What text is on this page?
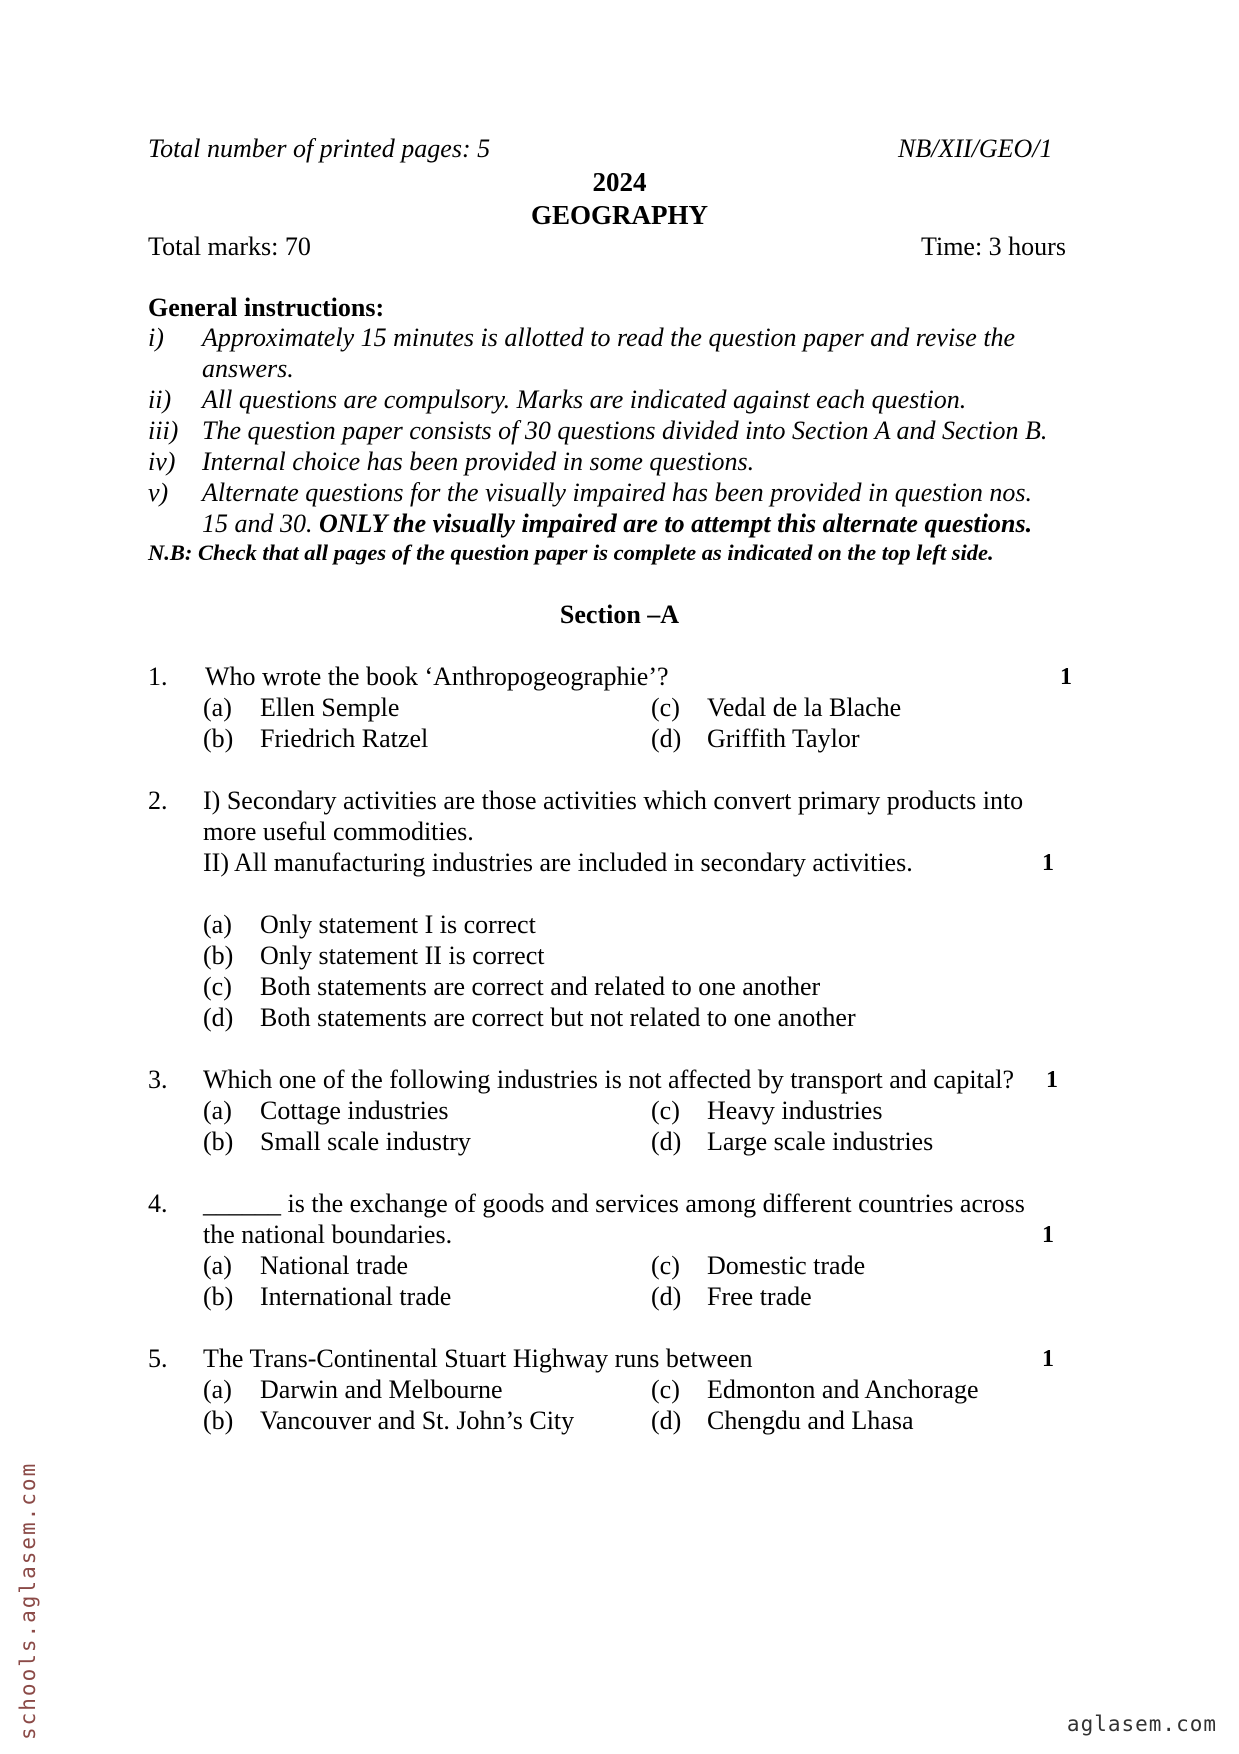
Total number of printed pages: 5	NB/XII/GEO/1
2024
GEOGRAPHY
Total marks: 70	Time: 3 hours
General instructions:
i) Approximately 15 minutes is allotted to read the question paper and revise the
answers.
ii) All questions are compulsory. Marks are indicated against each question.
iii) The question paper consists of 30 questions divided into Section A and Section B.
iv) Internal choice has been provided in some questions.
v) Alternate questions for the visually impaired has been provided in question nos.
15 and 30. ONLY the visually impaired are to attempt this alternate questions.
N.B: Check that all pages of the question paper is complete as indicated on the top left side.
Section –A
1. Who wrote the book ‘Anthropogeographie’?	1
(a) Ellen Semple	(c) Vedal de la Blache
(b) Friedrich Ratzel	(d) Griffith Taylor
2. I) Secondary activities are those activities which convert primary products into
more useful commodities.
II) All manufacturing industries are included in secondary activities.	1
(a) Only statement I is correct
(b) Only statement II is correct
(c) Both statements are correct and related to one another
(d) Both statements are correct but not related to one another
3. Which one of the following industries is not affected by transport and capital? 1
(a) Cottage industries	(c) Heavy industries
(b) Small scale industry	(d) Large scale industries
4. ______ is the exchange of goods and services among different countries across
the national boundaries.	1
(a) National trade	(c) Domestic trade
(b) International trade	(d) Free trade
5. The Trans-Continental Stuart Highway runs between	1
(a) Darwin and Melbourne	(c) Edmonton and Anchorage
(b) Vancouver and St. John’s City	(d) Chengdu and Lhasa
schools.aglasem.com	aglasem.com
